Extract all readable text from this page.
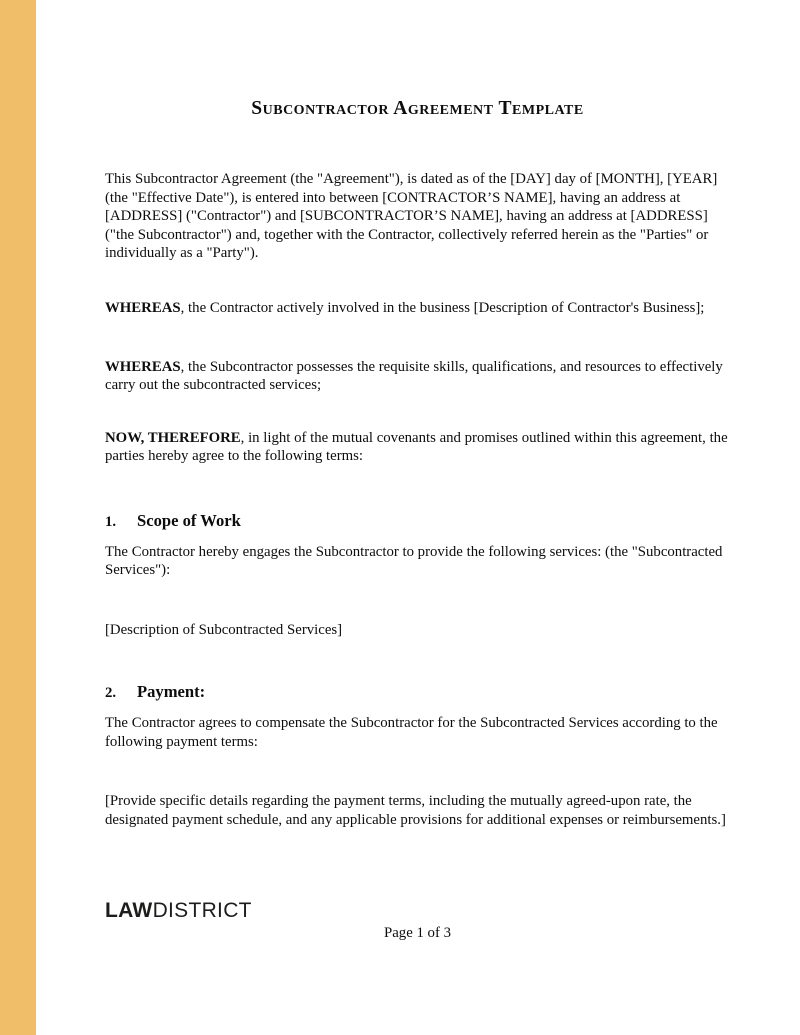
Subcontractor Agreement Template

This Subcontractor Agreement (the "Agreement"), is dated as of the [DAY] day of [MONTH], [YEAR] (the "Effective Date"), is entered into between [CONTRACTOR’S NAME], having an address at [ADDRESS] ("Contractor") and [SUBCONTRACTOR’S NAME], having an address at [ADDRESS] ("the Subcontractor") and, together with the Contractor, collectively referred herein as the "Parties" or individually as a "Party").

WHEREAS, the Contractor actively involved in the business [Description of Contractor's Business];

WHEREAS, the Subcontractor possesses the requisite skills, qualifications, and resources to effectively carry out the subcontracted services;

NOW, THEREFORE, in light of the mutual covenants and promises outlined within this agreement, the parties hereby agree to the following terms:

1.	Scope of Work

The Contractor hereby engages the Subcontractor to provide the following services: (the "Subcontracted Services"):

[Description of Subcontracted Services]

2.	Payment:

The Contractor agrees to compensate the Subcontractor for the Subcontracted Services according to the following payment terms:

[Provide specific details regarding the payment terms, including the mutually agreed-upon rate, the designated payment schedule, and any applicable provisions for additional expenses or reimbursements.]

LAWDISTRICT
Page 1 of 3
